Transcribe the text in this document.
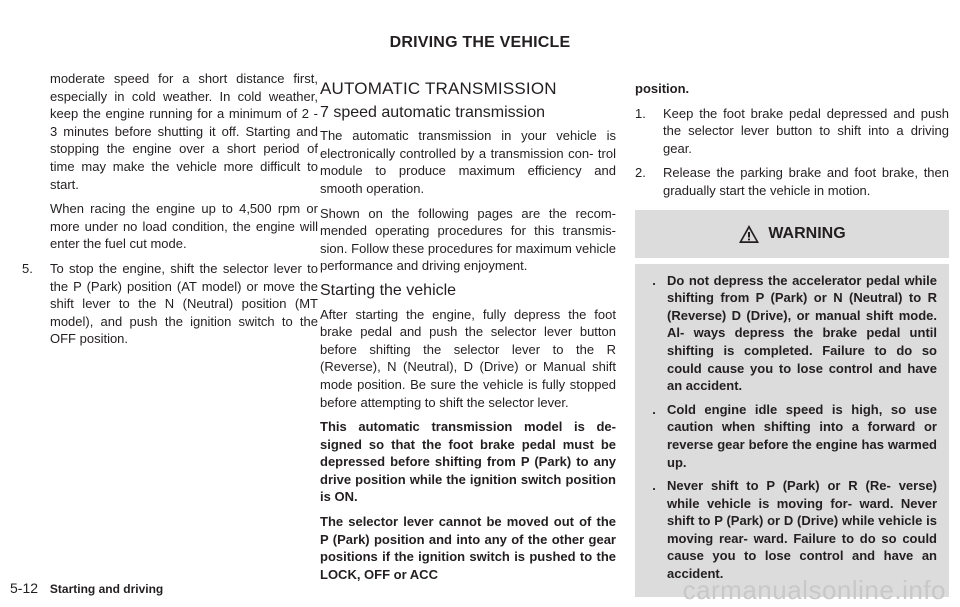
DRIVING THE VEHICLE

moderate speed for a short distance first, especially in cold weather. In cold weather, keep the engine running for a minimum of 2 - 3 minutes before shutting it off. Starting and stopping the engine over a short period of time may make the vehicle more difficult to start.

When racing the engine up to 4,500 rpm or more under no load condition, the engine will enter the fuel cut mode.

5.	To stop the engine, shift the selector lever to the P (Park) position (AT model) or move the shift lever to the N (Neutral) position (MT model), and push the ignition switch to the OFF position.
AUTOMATIC TRANSMISSION
7 speed automatic transmission

The automatic transmission in your vehicle is electronically controlled by a transmission con- trol module to produce maximum efficiency and smooth operation.

Shown on the following pages are the recom- mended operating procedures for this transmis- sion. Follow these procedures for maximum vehicle performance and driving enjoyment.

Starting the vehicle

After starting the engine, fully depress the foot brake pedal and push the selector lever button before shifting the selector lever to the R (Reverse), N (Neutral), D (Drive) or Manual shift mode position. Be sure the vehicle is fully stopped before attempting to shift the selector lever.

This automatic transmission model is de- signed so that the foot brake pedal must be depressed before shifting from P (Park) to any drive position while the ignition switch position is ON.

The selector lever cannot be moved out of the P (Park) position and into any of the other gear positions if the ignition switch is pushed to the LOCK, OFF or ACC

position.

1.	Keep the foot brake pedal depressed and push the selector lever button to shift into a driving gear.
2.	Release the parking brake and foot brake, then gradually start the vehicle in motion.
WARNING
. Do not depress the accelerator pedal while shifting from P (Park) or N (Neutral) to R (Reverse) D (Drive), or manual shift mode. Al- ways depress the brake pedal until shifting is completed. Failure to do so could cause you to lose control and have an accident.
. Cold engine idle speed is high, so use caution when shifting into a forward or reverse gear before the engine has warmed up.
. Never shift to P (Park) or R (Re- verse) while vehicle is moving for- ward. Never shift to P (Park) or D (Drive) while vehicle is moving rear- ward. Failure to do so could cause you to lose control and have an accident.
5-12 Starting and driving	carmanualsonline.info
